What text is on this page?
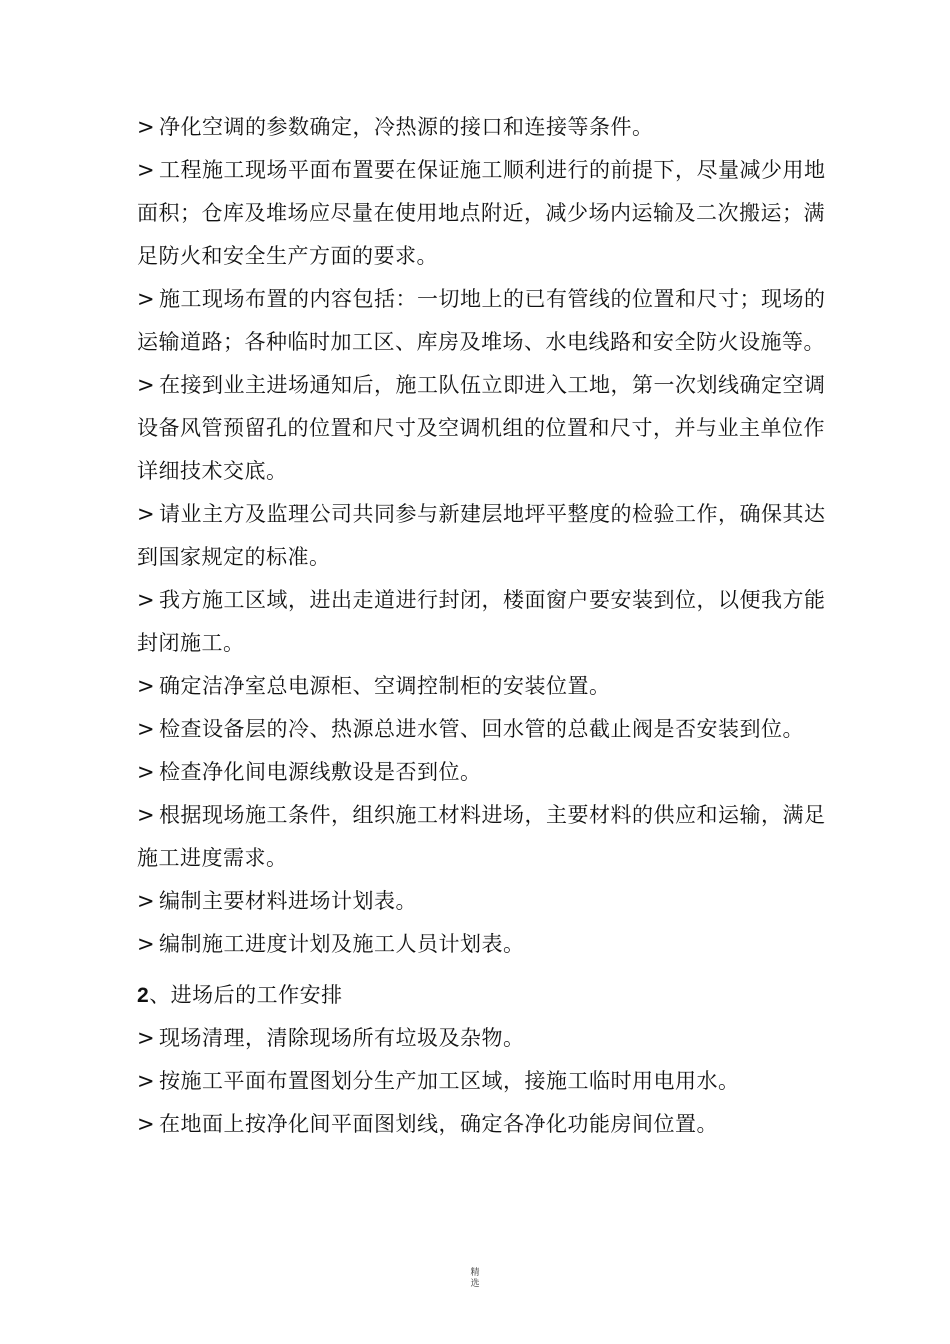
> 净化空调的参数确定，冷热源的接口和连接等条件。

> 工程施工现场平面布置要在保证施工顺利进行的前提下，尽量减少用地面积；仓库及堆场应尽量在使用地点附近，减少场内运输及二次搬运；满足防火和安全生产方面的要求。

> 施工现场布置的内容包括：一切地上的已有管线的位置和尺寸；现场的运输道路；各种临时加工区、库房及堆场、水电线路和安全防火设施等。

> 在接到业主进场通知后，施工队伍立即进入工地，第一次划线确定空调设备风管预留孔的位置和尺寸及空调机组的位置和尺寸，并与业主单位作详细技术交底。

> 请业主方及监理公司共同参与新建层地坪平整度的检验工作，确保其达到国家规定的标准。

> 我方施工区域，进出走道进行封闭，楼面窗户要安装到位，以便我方能封闭施工。

> 确定洁净室总电源柜、空调控制柜的安装位置。

> 检查设备层的冷、热源总进水管、回水管的总截止阀是否安装到位。

> 检查净化间电源线敷设是否到位。

> 根据现场施工条件，组织施工材料进场，主要材料的供应和运输，满足施工进度需求。

> 编制主要材料进场计划表。

> 编制施工进度计划及施工人员计划表。

2、进场后的工作安排

> 现场清理，清除现场所有垃圾及杂物。

> 按施工平面布置图划分生产加工区域，接施工临时用电用水。

> 在地面上按净化间平面图划线，确定各净化功能房间位置。

精
选
